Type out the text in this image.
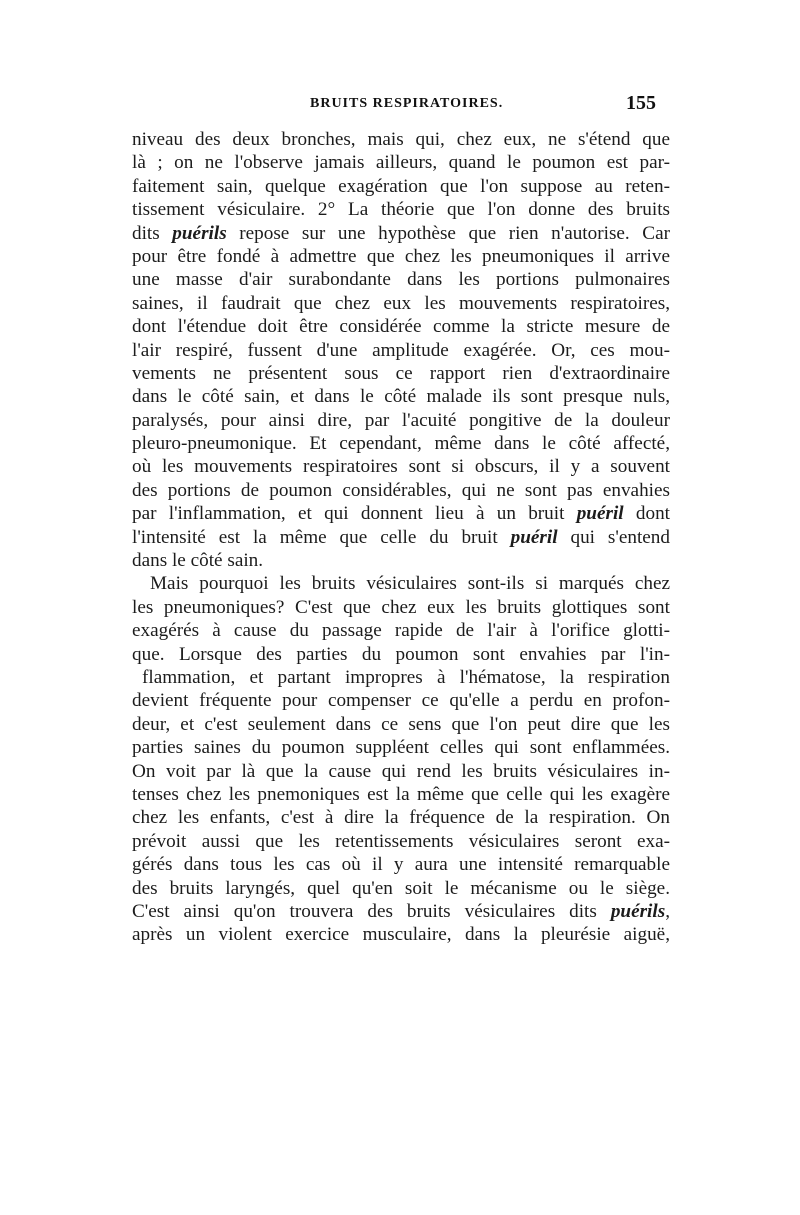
BRUITS RESPIRATOIRES.	155
niveau des deux bronches, mais qui, chez eux, ne s'étend que
là ; on ne l'observe jamais ailleurs, quand le poumon est par-
faitement sain, quelque exagération que l'on suppose au reten-
tissement vésiculaire. 2° La théorie que l'on donne des bruits
dits puérils repose sur une hypothèse que rien n'autorise. Car
pour être fondé à admettre que chez les pneumoniques il arrive
une masse d'air surabondante dans les portions pulmonaires
saines, il faudrait que chez eux les mouvements respiratoires,
dont l'étendue doit être considérée comme la stricte mesure de
l'air respiré, fussent d'une amplitude exagérée. Or, ces mou-
vements ne présentent sous ce rapport rien d'extraordinaire
dans le côté sain, et dans le côté malade ils sont presque nuls,
paralysés, pour ainsi dire, par l'acuité pongitive de la douleur
pleuro-pneumonique. Et cependant, même dans le côté affecté,
où les mouvements respiratoires sont si obscurs, il y a souvent
des portions de poumon considérables, qui ne sont pas envahies
par l'inflammation, et qui donnent lieu à un bruit puéril dont
l'intensité est la même que celle du bruit puéril qui s'entend
dans le côté sain.
Mais pourquoi les bruits vésiculaires sont-ils si marqués chez
les pneumoniques? C'est que chez eux les bruits glottiques sont
exagérés à cause du passage rapide de l'air à l'orifice glotti-
que. Lorsque des parties du poumon sont envahies par l'in-
flammation, et partant impropres à l'hématose, la respiration
devient fréquente pour compenser ce qu'elle a perdu en profon-
deur, et c'est seulement dans ce sens que l'on peut dire que les
parties saines du poumon suppléent celles qui sont enflammées.
On voit par là que la cause qui rend les bruits vésiculaires in-
tenses chez les pnemoniques est la même que celle qui les exagère
chez les enfants, c'est à dire la fréquence de la respiration. On
prévoit aussi que les retentissements vésiculaires seront exa-
gérés dans tous les cas où il y aura une intensité remarquable
des bruits laryngés, quel qu'en soit le mécanisme ou le siège.
C'est ainsi qu'on trouvera des bruits vésiculaires dits puérils,
après un violent exercice musculaire, dans la pleurésie aiguë,
